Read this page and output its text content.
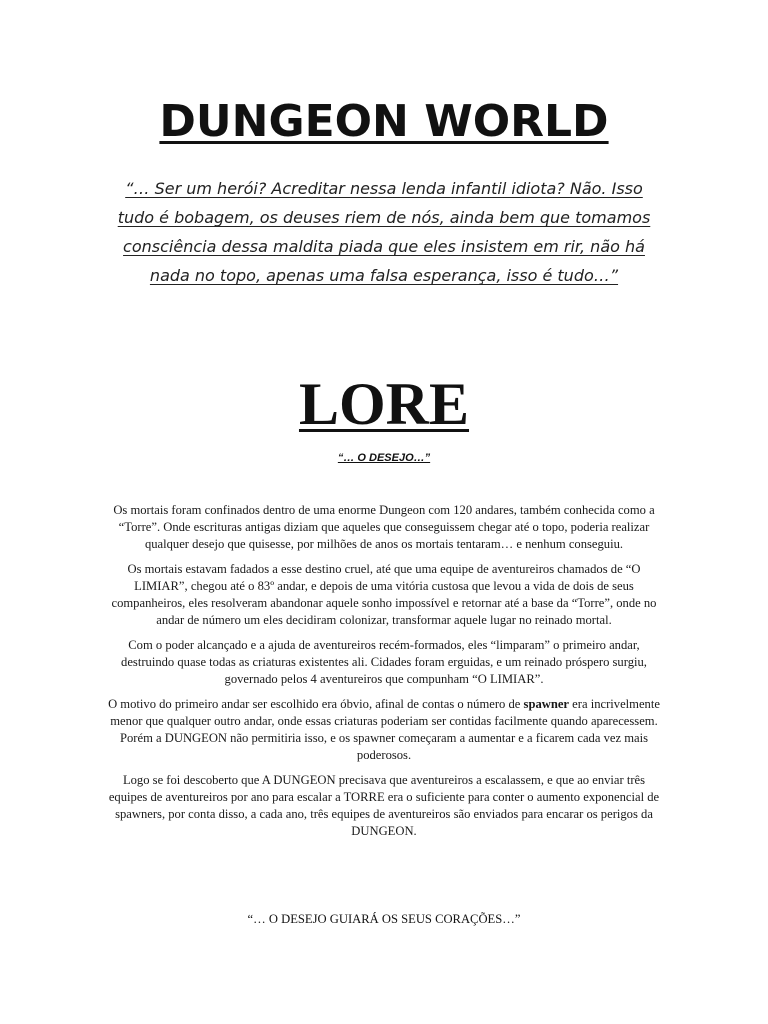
DUNGEON WORLD

“… Ser um herói? Acreditar nessa lenda infantil idiota? Não. Isso tudo é bobagem, os deuses riem de nós, ainda bem que tomamos consciência dessa maldita piada que eles insistem em rir, não há nada no topo, apenas uma falsa esperança, isso é tudo…”

LORE

“… O DESEJO…”

Os mortais foram confinados dentro de uma enorme Dungeon com 120 andares, também conhecida como a “Torre”. Onde escrituras antigas diziam que aqueles que conseguissem chegar até o topo, poderia realizar qualquer desejo que quisesse, por milhões de anos os mortais tentaram… e nenhum conseguiu.

Os mortais estavam fadados a esse destino cruel, até que uma equipe de aventureiros chamados de “O LIMIAR”, chegou até o 83º andar, e depois de uma vitória custosa que levou a vida de dois de seus companheiros, eles resolveram abandonar aquele sonho impossível e retornar até a base da “Torre”, onde no andar de número um eles decidiram colonizar, transformar aquele lugar no reinado mortal.

Com o poder alcançado e a ajuda de aventureiros recém-formados, eles “limparam” o primeiro andar, destruindo quase todas as criaturas existentes ali. Cidades foram erguidas, e um reinado próspero surgiu, governado pelos 4 aventureiros que compunham “O LIMIAR”.

O motivo do primeiro andar ser escolhido era óbvio, afinal de contas o número de spawner era incrivelmente menor que qualquer outro andar, onde essas criaturas poderiam ser contidas facilmente quando aparecessem. Porém a DUNGEON não permitiria isso, e os spawner começaram a aumentar e a ficarem cada vez mais poderosos.

Logo se foi descoberto que A DUNGEON precisava que aventureiros a escalassem, e que ao enviar três equipes de aventureiros por ano para escalar a TORRE era o suficiente para conter o aumento exponencial de spawners, por conta disso, a cada ano, três equipes de aventureiros são enviados para encarar os perigos da DUNGEON.

“… O DESEJO GUIARÁ OS SEUS CORAÇÕES…”
